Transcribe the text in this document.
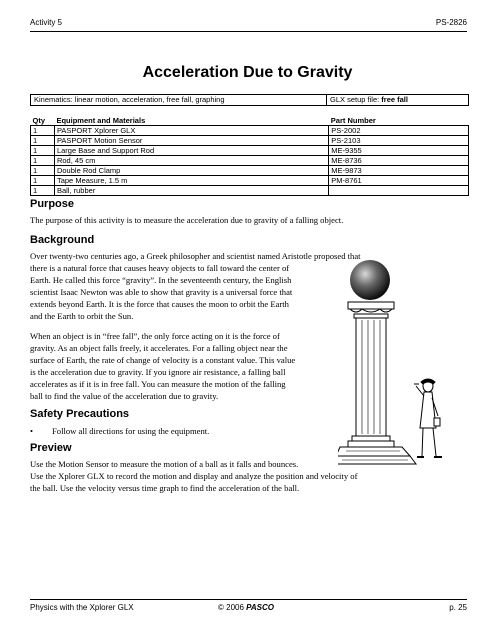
Activity 5	PS-2826
Acceleration Due to Gravity
Kinematics: linear motion, acceleration, free fall, graphing	GLX setup file: free fall
Qty	Equipment and Materials	Part Number
1	PASPORT Xplorer GLX	PS-2002
1	PASPORT Motion Sensor	PS-2103
1	Large Base and Support Rod	ME-9355
1	Rod, 45 cm	ME-8736
1	Double Rod Clamp	ME-9873
1	Tape Measure, 1.5 m	PM-8761
1	Ball, rubber	
Purpose
The purpose of this activity is to measure the acceleration due to gravity of a falling object.
Background
Over twenty-two centuries ago, a Greek philosopher and scientist named Aristotle proposed that
there is a natural force that causes heavy objects to fall toward the center of
Earth. He called this force “gravity”. In the seventeenth century, the English
scientist Isaac Newton was able to show that gravity is a universal force that
extends beyond Earth. It is the force that causes the moon to orbit the Earth
and the Earth to orbit the Sun.
When an object is in “free fall”, the only force acting on it is the force of
gravity. As an object falls freely, it accelerates. For a falling object near the
surface of Earth, the rate of change of velocity is a constant value. This value
is the acceleration due to gravity. If you ignore air resistance, a falling ball
accelerates as if it is in free fall. You can measure the motion of the falling
ball to find the value of the acceleration due to gravity.
Safety Precautions
• Follow all directions for using the equipment.
Preview
Use the Motion Sensor to measure the motion of a ball as it falls and bounces.
Use the Xplorer GLX to record the motion and display and analyze the position and velocity of
the ball. Use the velocity versus time graph to find the acceleration of the ball.
Physics with the Xplorer GLX	© 2006 PASCO	p. 25
